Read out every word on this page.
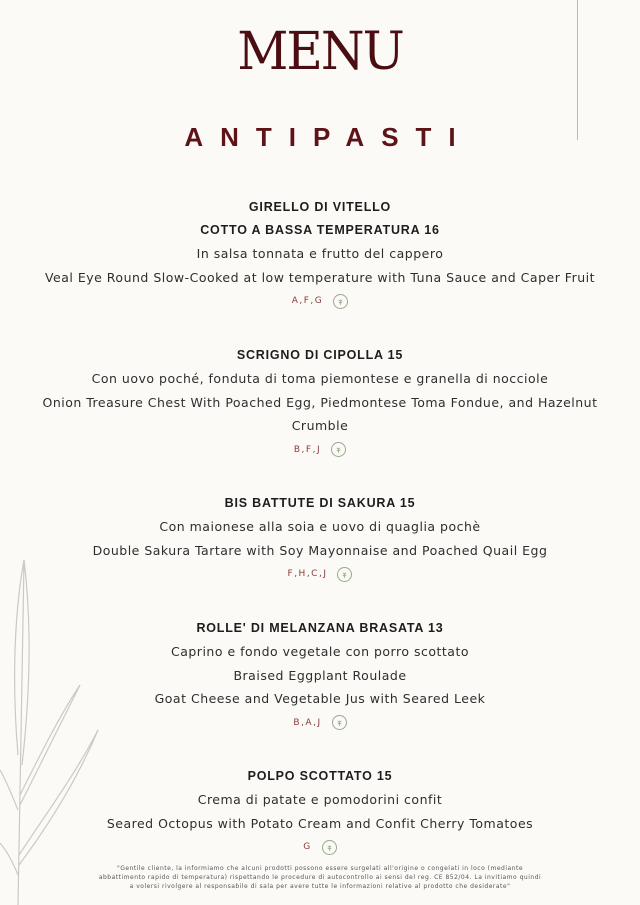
MENU
ANTIPASTI
GIRELLO DI VITELLO
COTTO A BASSA TEMPERATURA 16
In salsa tonnata e frutto del cappero
Veal Eye Round Slow-Cooked at low temperature with Tuna Sauce and Caper Fruit
A,F,G
SCRIGNO DI CIPOLLA 15
Con uovo poché, fonduta di toma piemontese e granella di nocciole
Onion Treasure Chest With Poached Egg, Piedmontese Toma Fondue, and Hazelnut
Crumble
B,F,J
BIS BATTUTE DI SAKURA 15
Con maionese alla soia e uovo di quaglia pochè
Double Sakura Tartare with Soy Mayonnaise and Poached Quail Egg
F,H,C,J
ROLLE' DI MELANZANA BRASATA 13
Caprino e fondo vegetale con porro scottato
Braised Eggplant Roulade
Goat Cheese and Vegetable Jus with Seared Leek
B,A,J
POLPO SCOTTATO 15
Crema di patate e pomodorini confit
Seared Octopus with Potato Cream and Confit Cherry Tomatoes
G
"Gentile cliente, la informiamo che alcuni prodotti possono essere surgelati all'origine o congelati in loco (mediante
abbattimento rapido di temperatura) rispettando le procedure di autocontrollo ai sensi del reg. CE 852/04. La invitiamo quindi
a volersi rivolgere al responsabile di sala per avere tutte le informazioni relative al prodotto che desiderate"
